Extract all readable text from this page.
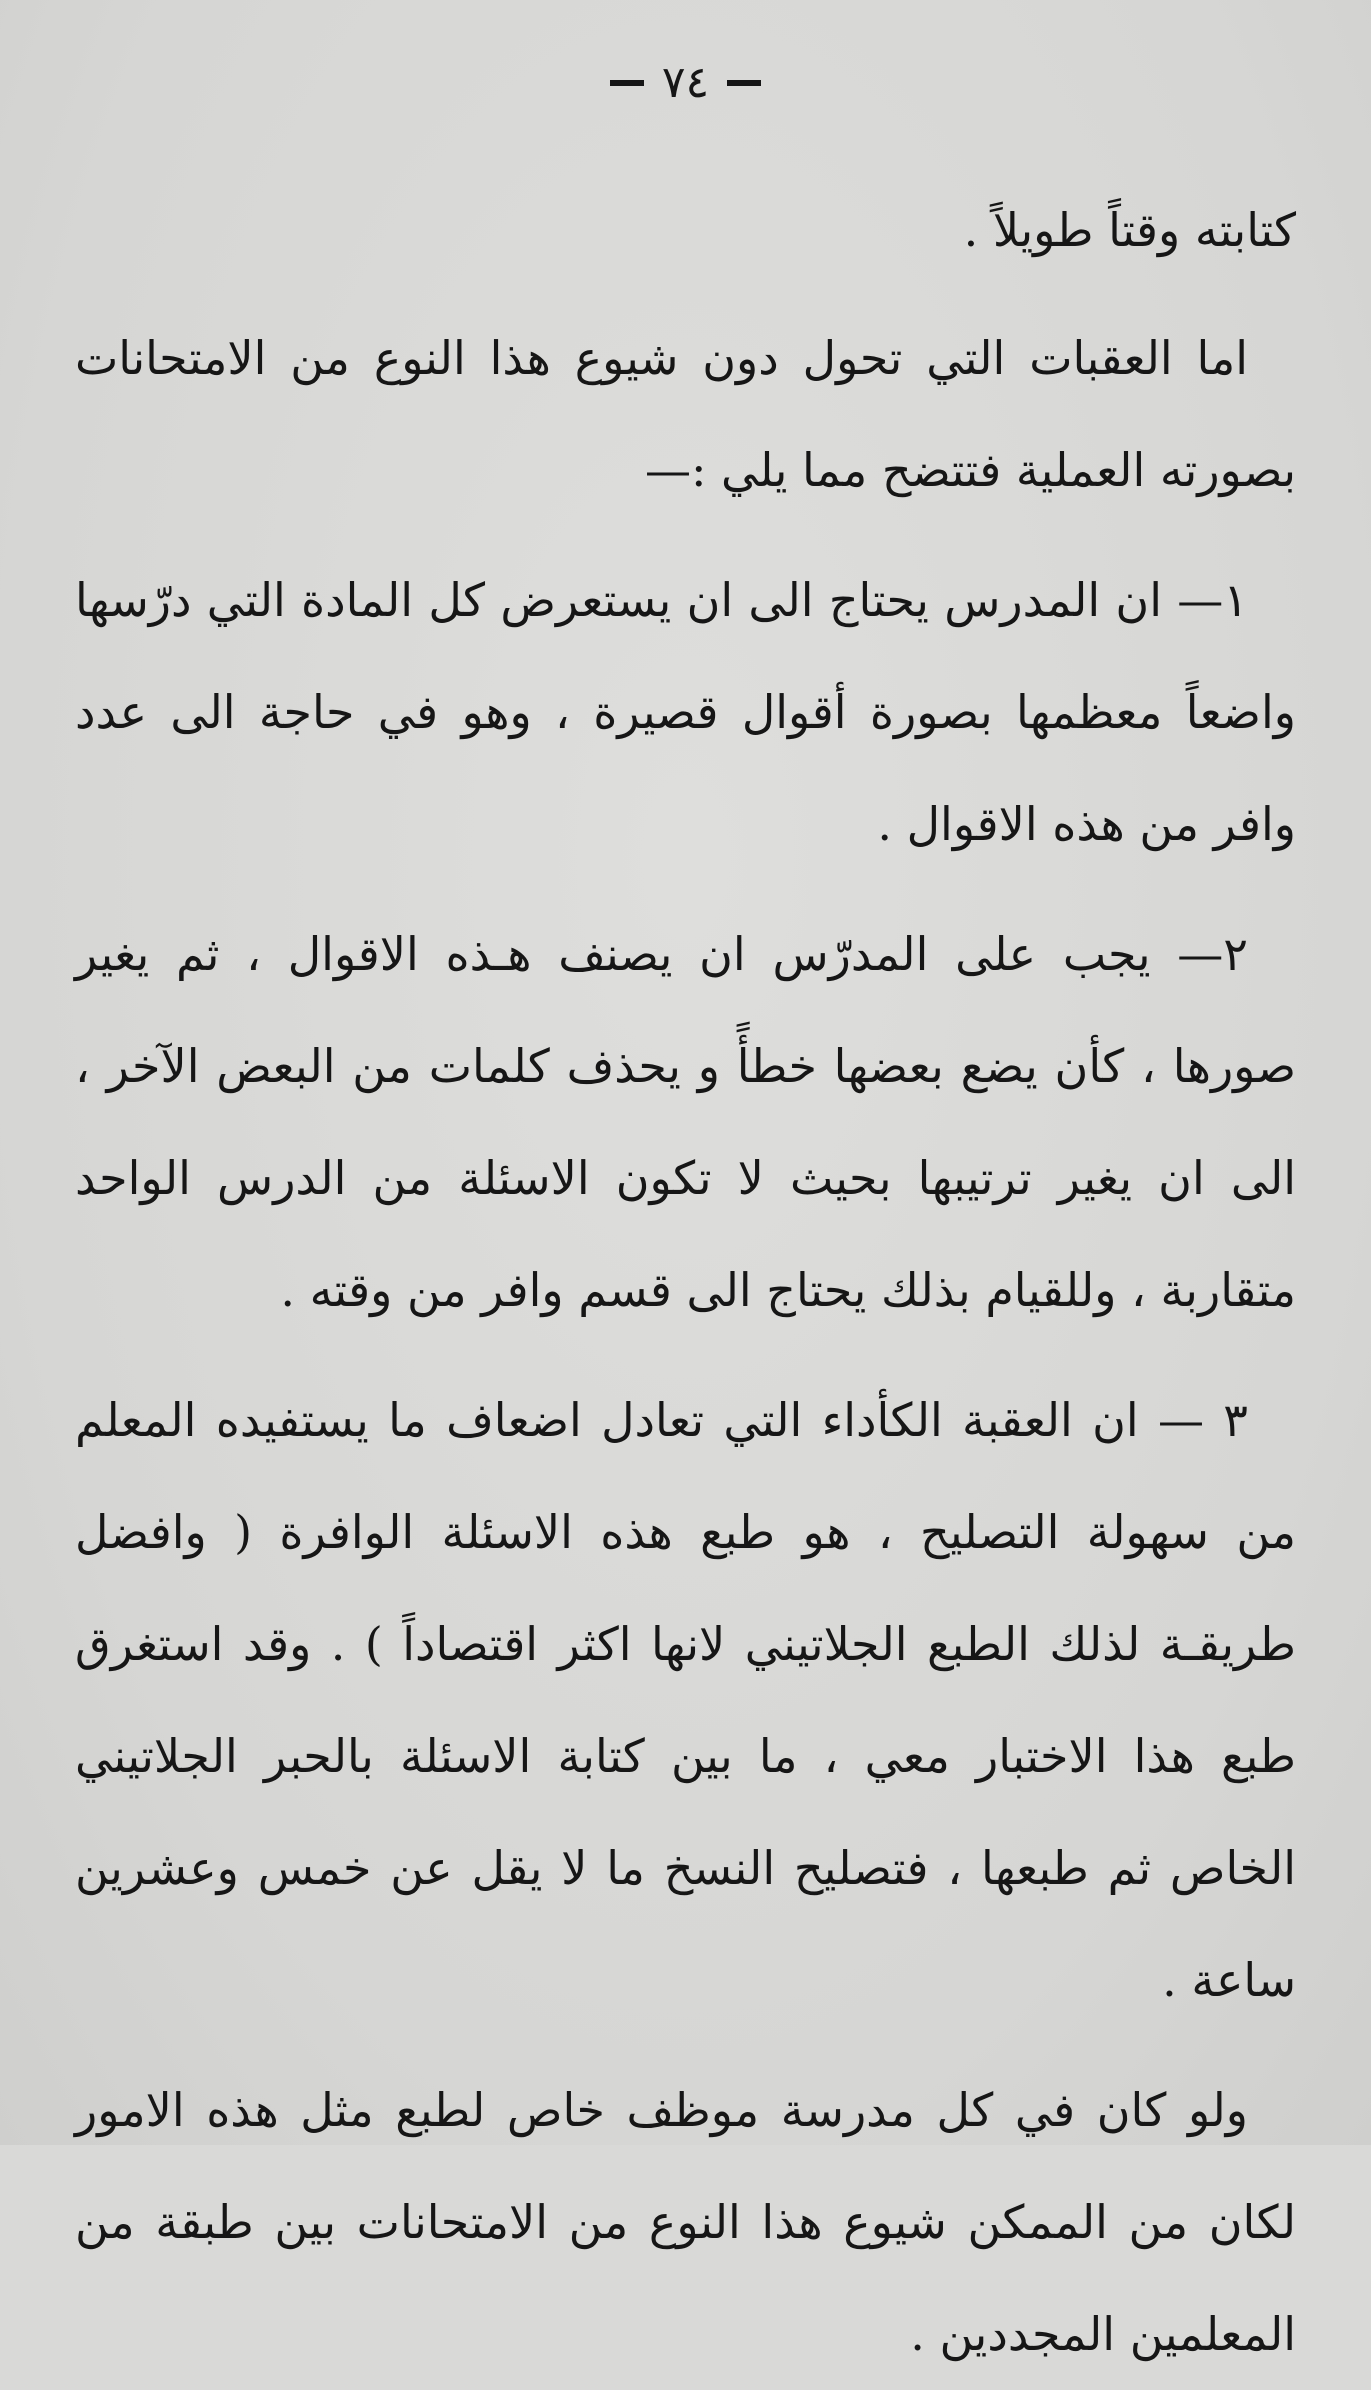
٧٤

كتابته وقتاً طويلاً .

اما العقبات التي تحول دون شيوع هذا النوع من الامتحانات بصورته العملية فتتضح مما يلي :—

١— ان المدرس يحتاج الى ان يستعرض كل المادة التي درّسها واضعاً معظمها بصورة أقوال قصيرة ، وهو في حاجة الى عدد وافر من هذه الاقوال .

٢— يجب على المدرّس ان يصنف هـذه الاقوال ، ثم يغير صورها ، كأن يضع بعضها خطأً و يحذف كلمات من البعض الآخر ، الى ان يغير ترتيبها بحيث لا تكون الاسئلة من الدرس الواحد متقاربة ، وللقيام بذلك يحتاج الى قسم وافر من وقته .

٣ — ان العقبة الكأداء التي تعادل اضعاف ما يستفيده المعلم من سهولة التصليح ، هو طبع هذه الاسئلة الوافرة ( وافضل طريقـة لذلك الطبع الجلاتيني لانها اكثر اقتصاداً ) . وقد استغرق طبع هذا الاختبار معي ، ما بين كتابة الاسئلة بالحبر الجلاتيني الخاص ثم طبعها ، فتصليح النسخ ما لا يقل عن خمس وعشرين ساعة .

ولو كان في كل مدرسة موظف خاص لطبع مثل هذه الامور لكان من الممكن شيوع هذا النوع من الامتحانات بين طبقة من المعلمين المجددين .
